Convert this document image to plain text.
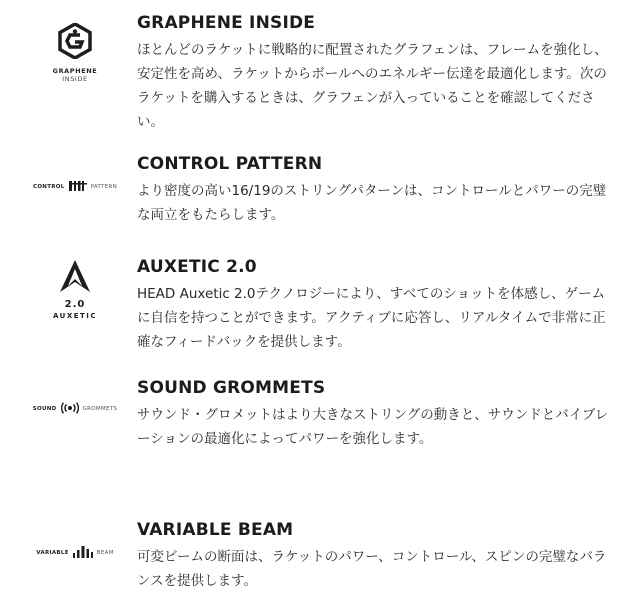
GRAPHENE
INSIDE
GRAPHENE INSIDE

ほとんどのラケットに戦略的に配置されたグラフェンは、フレームを強化し、安定性を高め、ラケットからボールへのエネルギー伝達を最適化します。次のラケットを購入するときは、グラフェンが入っていることを確認してください。

CONTROL	PATTERN
CONTROL PATTERN

より密度の高い16/19のストリングパターンは、コントロールとパワーの完璧な両立をもたらします。

2.0
AUXETIC
AUXETIC 2.0

HEAD Auxetic 2.0テクノロジーにより、すべてのショットを体感し、ゲームに自信を持つことができます。アクティブに応答し、リアルタイムで非常に正確なフィードバックを提供します。

SOUND	GROMMETS
SOUND GROMMETS

サウンド・グロメットはより大きなストリングの動きと、サウンドとバイブレーションの最適化によってパワーを強化します。

VARIABLE	BEAM
VARIABLE BEAM

可変ビームの断面は、ラケットのパワー、コントロール、スピンの完璧なバランスを提供します。
